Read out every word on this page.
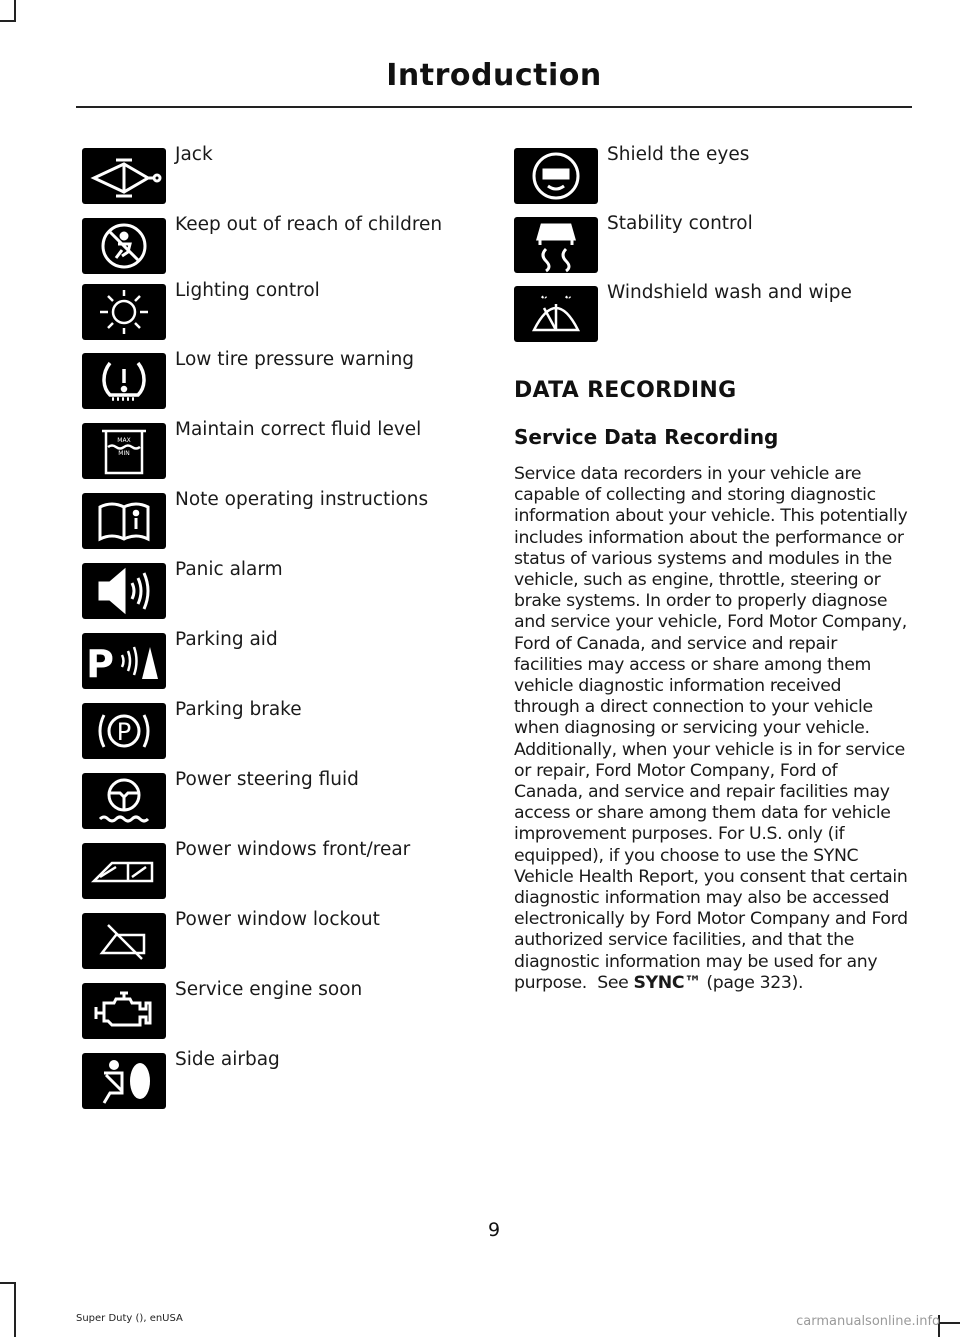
Introduction
Jack
Keep out of reach of children
Lighting control
Low tire pressure warning
MAX
MIN
Maintain correct fluid level
Note operating instructions
Panic alarm
P
Parking aid
P
Parking brake
Power steering fluid
Power windows front/rear
Power window lockout
Service engine soon
Side airbag
Shield the eyes
Stability control
Windshield wash and wipe
DATA RECORDING
Service Data Recording
Service data recorders in your vehicle are capable of collecting and storing diagnostic information about your vehicle. This potentially includes information about the performance or status of various systems and modules in the vehicle, such as engine, throttle, steering or brake systems. In order to properly diagnose and service your vehicle, Ford Motor Company, Ford of Canada, and service and repair facilities may access or share among them vehicle diagnostic information received through a direct connection to your vehicle when diagnosing or servicing your vehicle. Additionally, when your vehicle is in for service or repair, Ford Motor Company, Ford of Canada, and service and repair facilities may access or share among them data for vehicle improvement purposes. For U.S. only (if equipped), if you choose to use the SYNC Vehicle Health Report, you consent that certain diagnostic information may also be accessed electronically by Ford Motor Company and Ford authorized service facilities, and that the diagnostic information may be used for any purpose. See SYNC™ (page 323).
9
Super Duty (), enUSA	carmanualsonline.info
